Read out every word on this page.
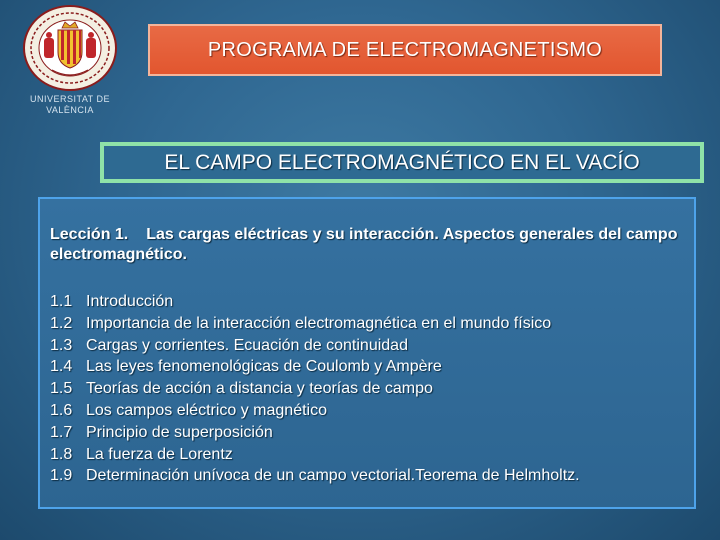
UNIVERSITAT DE
VALÈNCIA
PROGRAMA DE ELECTROMAGNETISMO
EL CAMPO ELECTROMAGNÉTICO EN EL VACÍO
Lección 1. Las cargas eléctricas y su interacción. Aspectos generales del campo electromagnético.
1.1 Introducción
1.2 Importancia de la interacción electromagnética en el mundo físico
1.3 Cargas y corrientes. Ecuación de continuidad
1.4 Las leyes fenomenológicas de Coulomb y Ampère
1.5 Teorías de acción a distancia y teorías de campo
1.6 Los campos eléctrico y magnético
1.7 Principio de superposición
1.8 La fuerza de Lorentz
1.9 Determinación unívoca de un campo vectorial.Teorema de Helmholtz.
